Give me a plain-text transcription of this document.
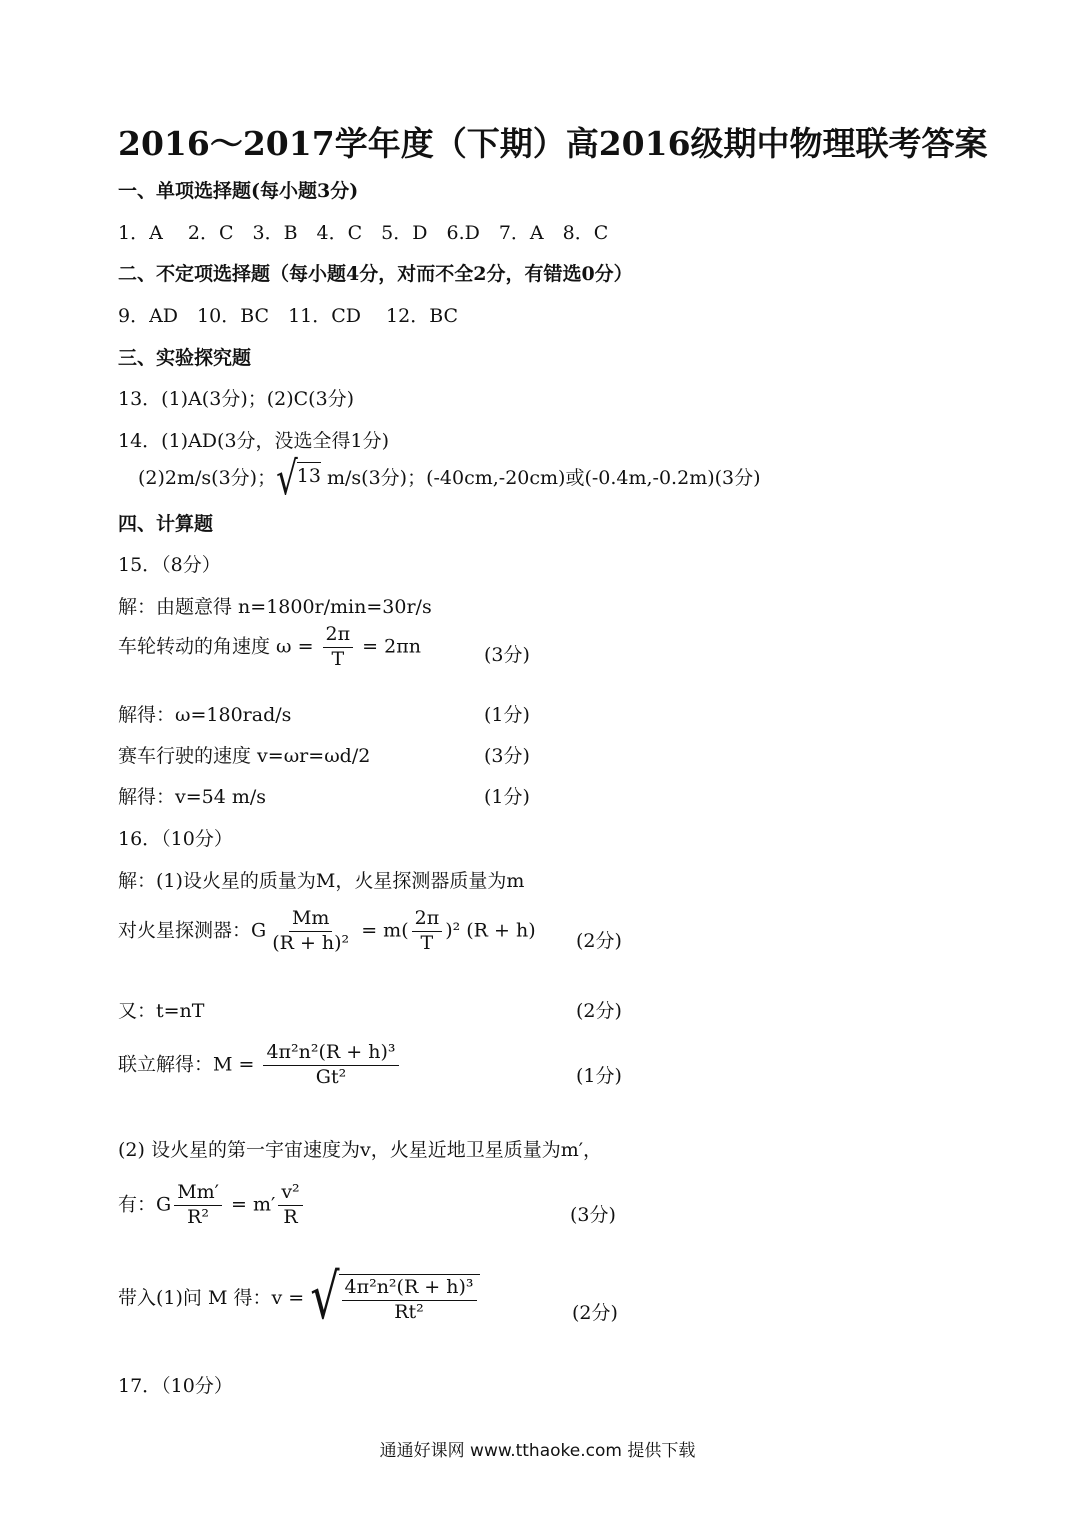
2016～2017学年度（下期）高2016级期中物理联考答案
一、单项选择题(每小题3分)
1．A　 2．C　3．B　4．C　5．D　6.D　7．A　8．C
二、不定项选择题（每小题4分，对而不全2分，有错选0分）
9．AD　10．BC　11．CD　 12．BC
三、实验探究题
13．(1)A(3分)；(2)C(3分)
14．(1)AD(3分，没选全得1分)
(2)2m/s(3分)； √ 13 m/s(3分)；(-40cm,-20cm)或(-0.4m,-0.2m)(3分)
四、计算题
15．（8分）
解：由题意得 n=1800r/min=30r/s
车轮转动的角速度 $\omega = \frac{2\pi}{T} = 2\pi n$	(3分)
解得：ω=180rad/s	(1分)
赛车行驶的速度 v=ωr=ωd/2	(3分)
解得：v=54 m/s	(1分)
16．（10分）
解：(1)设火星的质量为M，火星探测器质量为m
对火星探测器：G $\frac{Mm}{\text{(R + h)²}} = m( \frac{2\pi}{T} )^2$ (R + h) (2分)
又：t=nT	(2分)
联立解得：$M = \frac{\text{4π²n²(R + h)³}}{\text{Gt²}}$	(1分)
(2) 设火星的第一宇宙速度为v，火星近地卫星质量为m′，
有：G $\frac{Mm'}{\text{R²}} = m' \frac{\text{v²}}{R}$	(3分)
带入(1)问 M 得：v = √ $\frac{\text{4π²n²(R + h)³}}{\text{Rt²}}$	(2分)
17．（10分）
通通好课网 www.tthaoke.com 提供下载
